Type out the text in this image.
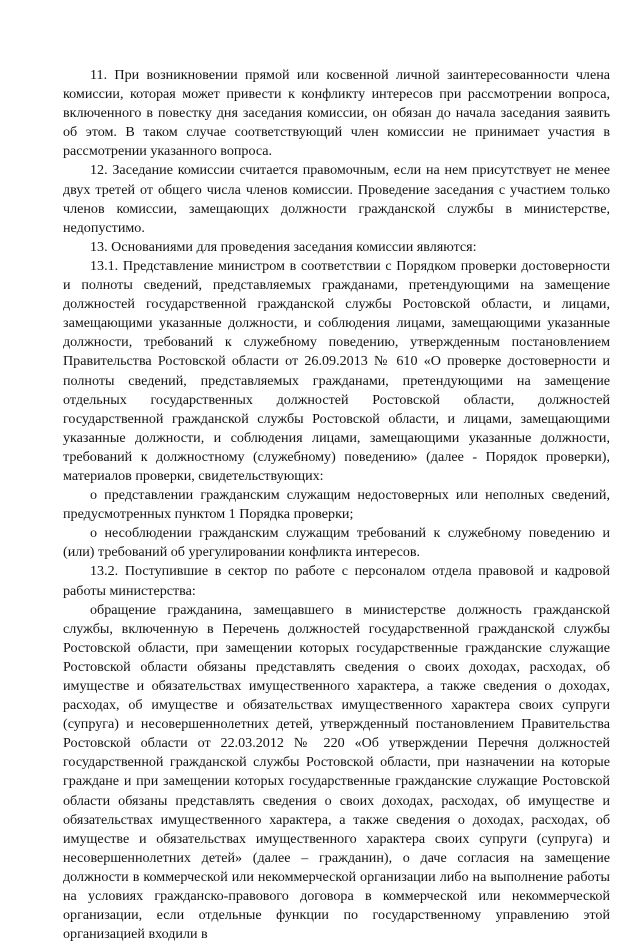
11. При возникновении прямой или косвенной личной заинтересованности члена комиссии, которая может привести к конфликту интересов при рассмотрении вопроса, включенного в повестку дня заседания комиссии, он обязан до начала заседания заявить об этом. В таком случае соответствующий член комиссии не принимает участия в рассмотрении указанного вопроса.

12. Заседание комиссии считается правомочным, если на нем присутствует не менее двух третей от общего числа членов комиссии. Проведение заседания с участием только членов комиссии, замещающих должности гражданской службы в министерстве, недопустимо.

13. Основаниями для проведения заседания комиссии являются:

13.1. Представление министром в соответствии с Порядком проверки достоверности и полноты сведений, представляемых гражданами, претендующими на замещение должностей государственной гражданской службы Ростовской области, и лицами, замещающими указанные должности, и соблюдения лицами, замещающими указанные должности, требований к служебному поведению, утвержденным постановлением Правительства Ростовской области от 26.09.2013 № 610 «О проверке достоверности и полноты сведений, представляемых гражданами, претендующими на замещение отдельных государственных должностей Ростовской области, должностей государственной гражданской службы Ростовской области, и лицами, замещающими указанные должности, и соблюдения лицами, замещающими указанные должности, требований к должностному (служебному) поведению» (далее - Порядок проверки), материалов проверки, свидетельствующих:

о представлении гражданским служащим недостоверных или неполных сведений, предусмотренных пунктом 1 Порядка проверки;

о несоблюдении гражданским служащим требований к служебному поведению и (или) требований об урегулировании конфликта интересов.

13.2. Поступившие в сектор по работе с персоналом отдела правовой и кадровой работы министерства:

обращение гражданина, замещавшего в министерстве должность гражданской службы, включенную в Перечень должностей государственной гражданской службы Ростовской области, при замещении которых государственные гражданские служащие Ростовской области обязаны представлять сведения о своих доходах, расходах, об имуществе и обязательствах имущественного характера, а также сведения о доходах, расходах, об имуществе и обязательствах имущественного характера своих супруги (супруга) и несовершеннолетних детей, утвержденный постановлением Правительства Ростовской области от 22.03.2012 № 220 «Об утверждении Перечня должностей государственной гражданской службы Ростовской области, при назначении на которые граждане и при замещении которых государственные гражданские служащие Ростовской области обязаны представлять сведения о своих доходах, расходах, об имуществе и обязательствах имущественного характера, а также сведения о доходах, расходах, об имуществе и обязательствах имущественного характера своих супруги (супруга) и несовершеннолетних детей» (далее – гражданин), о даче согласия на замещение должности в коммерческой или некоммерческой организации либо на выполнение работы на условиях гражданско-правового договора в коммерческой или некоммерческой организации, если отдельные функции по государственному управлению этой организацией входили в
